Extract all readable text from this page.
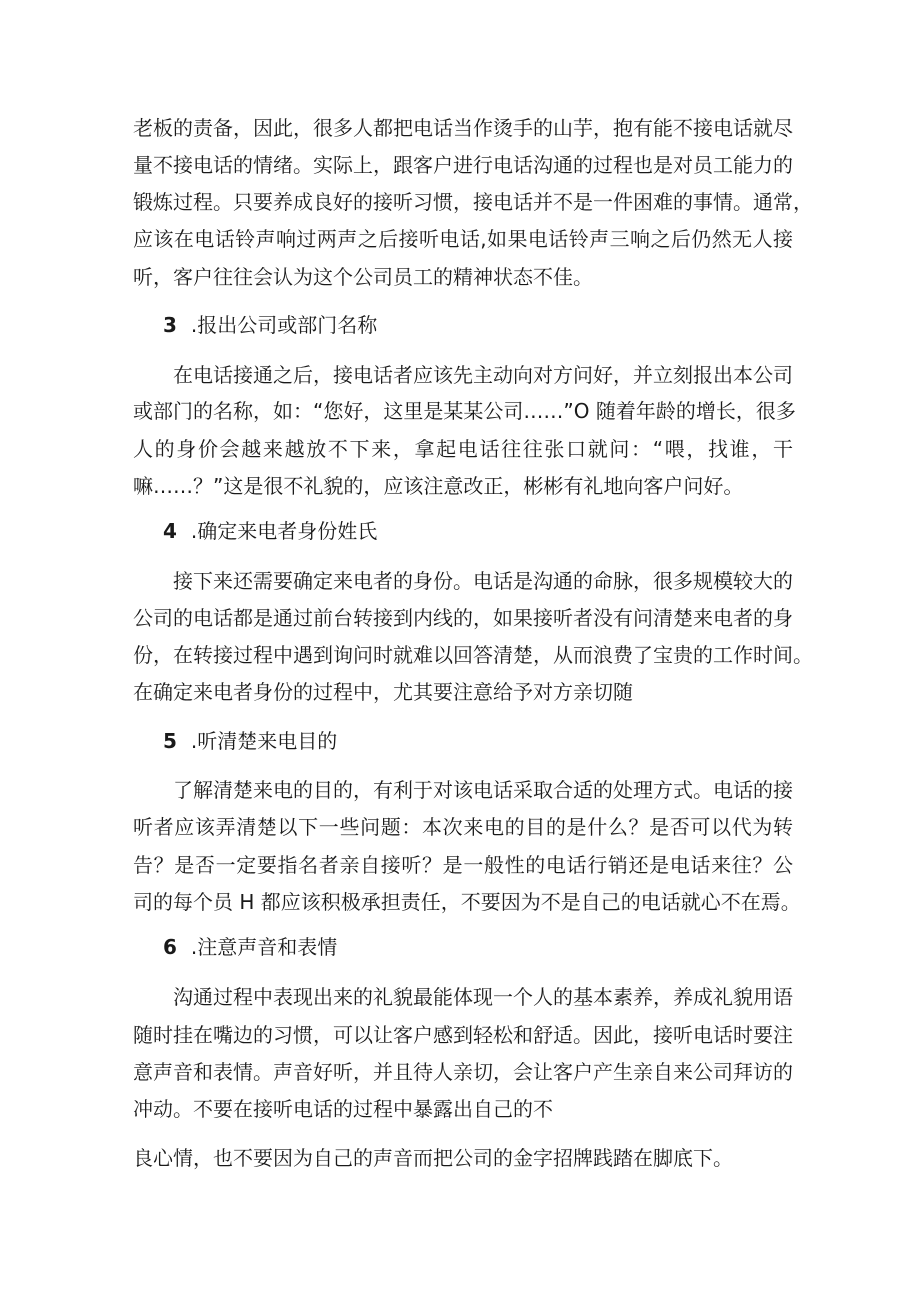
老板的责备，因此，很多人都把电话当作烫手的山芋，抱有能不接电话就尽
量不接电话的情绪。实际上，跟客户进行电话沟通的过程也是对员工能力的
锻炼过程。只要养成良好的接听习惯，接电话并不是一件困难的事情。通常，
应该在电话铃声响过两声之后接听电话,如果电话铃声三响之后仍然无人接
听，客户往往会认为这个公司员工的精神状态不佳。
3 .报出公司或部门名称
在电话接通之后，接电话者应该先主动向对方问好，并立刻报出本公司
或部门的名称，如：“您好，这里是某某公司……”O 随着年龄的增长，很多
人的身价会越来越放不下来，拿起电话往往张口就问：“喂，找谁，干
嘛……？”这是很不礼貌的，应该注意改正，彬彬有礼地向客户问好。
4 .确定来电者身份姓氏
接下来还需要确定来电者的身份。电话是沟通的命脉，很多规模较大的
公司的电话都是通过前台转接到内线的，如果接听者没有问清楚来电者的身
份，在转接过程中遇到询问时就难以回答清楚，从而浪费了宝贵的工作时间。
在确定来电者身份的过程中，尤其要注意给予对方亲切随
5 .听清楚来电目的
了解清楚来电的目的，有利于对该电话采取合适的处理方式。电话的接
听者应该弄清楚以下一些问题：本次来电的目的是什么？是否可以代为转
告？是否一定要指名者亲自接听？是一般性的电话行销还是电话来往？公
司的每个员 H 都应该积极承担责任，不要因为不是自己的电话就心不在焉。
6 .注意声音和表情
沟通过程中表现出来的礼貌最能体现一个人的基本素养，养成礼貌用语
随时挂在嘴边的习惯，可以让客户感到轻松和舒适。因此，接听电话时要注
意声音和表情。声音好听，并且待人亲切，会让客户产生亲自来公司拜访的
冲动。不要在接听电话的过程中暴露出自己的不
良心情，也不要因为自己的声音而把公司的金字招牌践踏在脚底下。
